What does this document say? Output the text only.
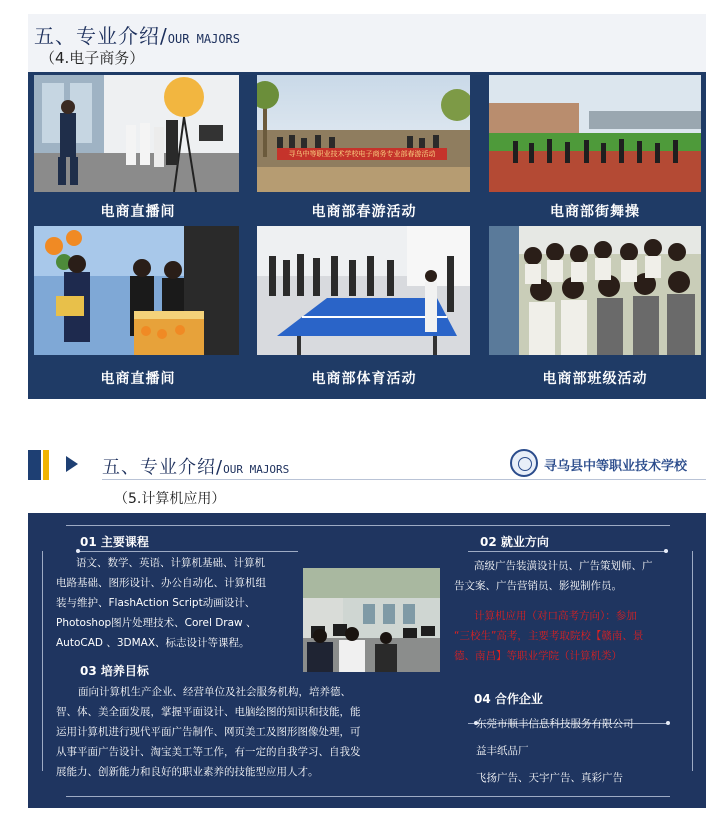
五、专业介绍/OUR MAJORS
（4.电子商务）
寻乌中等职业技术学校电子商务专业部春游活动
电商直播间	电商部春游活动	电商部街舞操
电商直播间	电商部体育活动	电商部班级活动
五、专业介绍/OUR MAJORS	寻乌县中等职业技术学校
（5.计算机应用）
01 主要课程
语文、数学、英语、计算机基础、计算机
电路基础、图形设计、办公自动化、计算机组
装与维护、FlashAction Script动画设计、
Photoshop图片处理技术、Corel Draw 、
AutoCAD 、3DMAX、标志设计等课程。
03 培养目标
面向计算机生产企业、经营单位及社会服务机构，培养德、
智、体、美全面发展，掌握平面设计、电脑绘图的知识和技能，能
运用计算机进行现代平面广告制作、网页美工及图形图像处理，可
从事平面广告设计、淘宝美工等工作，有一定的自我学习、自我发
展能力、创新能力和良好的职业素养的技能型应用人才。
02 就业方向
高级广告装潢设计员、广告策划师、广
告文案、广告营销员、影视制作员。
计算机应用（对口高考方向）：参加
“三校生”高考，主要考取院校【赣南、景
德、南昌】等职业学院（计算机类）
04 合作企业
东莞市顺丰信息科技服务有限公司
益丰纸品厂
飞扬广告、天宇广告、真彩广告
